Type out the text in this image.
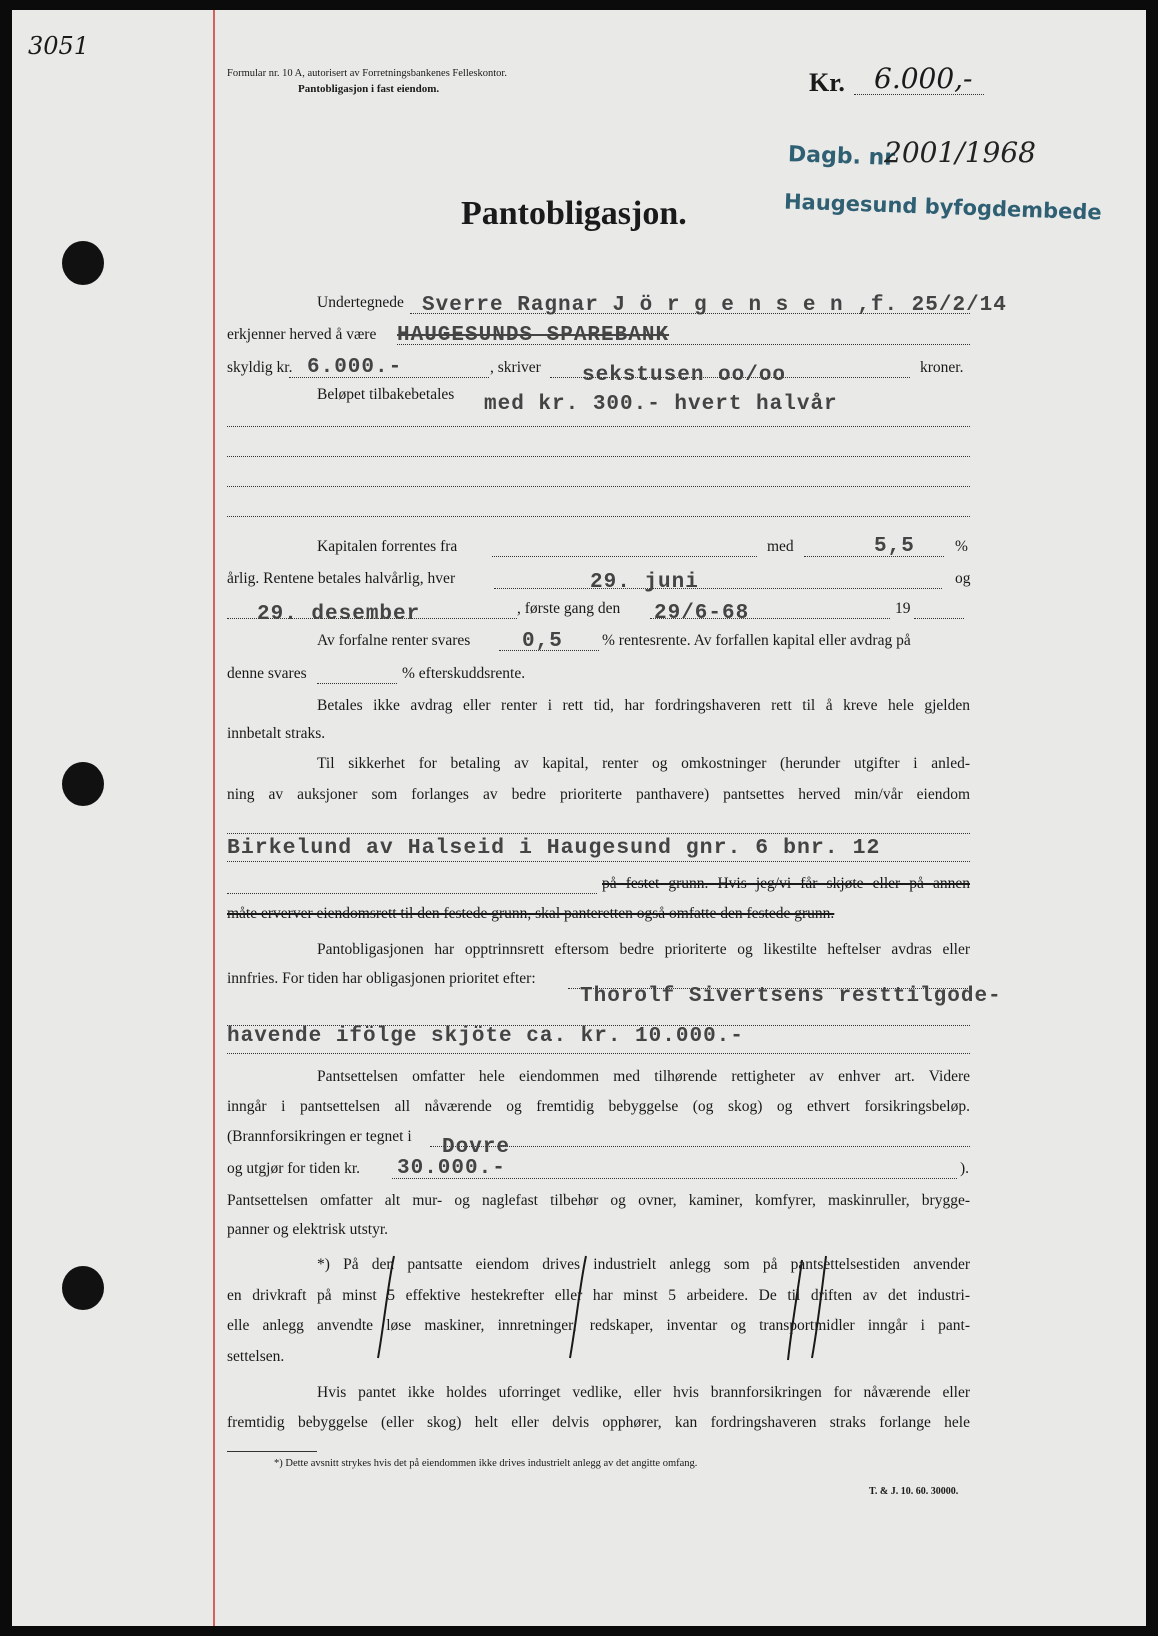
3051
Formular nr. 10 A, autorisert av Forretningsbankenes Felleskontor.
Pantobligasjon i fast eiendom.	Kr. 6.000,-
Dagb. nr
2001/1968
Haugesund byfogdembede
Pantobligasjon.
Undertegnede Sverre Ragnar J ö r g e n s e n ,f. 25/2/14
erkjenner herved å være HAUGESUNDS SPAREBANK
skyldig kr. 6.000.-	, skriver sekstusen oo/oo	kroner.
Beløpet tilbakebetales med kr. 300.- hvert halvår
Kapitalen forrentes fra	med	5,5	%
årlig. Rentene betales halvårlig, hver	29. juni	og
29. desember	, første gang den 29/6-68	19
Av forfalne renter svares 0,5	% rentesrente. Av forfallen kapital eller avdrag på
denne svares	% efterskuddsrente.
Betales ikke avdrag eller renter i rett tid, har fordringshaveren rett til å kreve hele gjelden
innbetalt straks.
Til sikkerhet for betaling av kapital, renter og omkostninger (herunder utgifter i anled-
ning av auksjoner som forlanges av bedre prioriterte panthavere) pantsettes herved min/vår eiendom
Birkelund av Halseid i Haugesund gnr. 6 bnr. 12
på festet grunn. Hvis jeg/vi får skjøte eller på annen
måte erverver eiendomsrett til den festede grunn, skal panteretten også omfatte den festede grunn.
Pantobligasjonen har opptrinnsrett eftersom bedre prioriterte og likestilte heftelser avdras eller
innfries. For tiden har obligasjonen prioritet efter:
Thorolf Sivertsens resttilgode-
havende ifölge skjöte ca. kr. 10.000.-
Pantsettelsen omfatter hele eiendommen med tilhørende rettigheter av enhver art. Videre
inngår i pantsettelsen all nåværende og fremtidig bebyggelse (og skog) og ethvert forsikringsbeløp.
(Brannforsikringen er tegnet i Dovre
og utgjør for tiden kr. 30.000.-	).
Pantsettelsen omfatter alt mur- og naglefast tilbehør og ovner, kaminer, komfyrer, maskinruller, brygge-
panner og elektrisk utstyr.
*) På den pantsatte eiendom drives industrielt anlegg som på pantsettelsestiden anvender
en drivkraft på minst 5 effektive hestekrefter eller har minst 5 arbeidere. De til driften av det industri-
elle anlegg anvendte løse maskiner, innretninger, redskaper, inventar og transportmidler inngår i pant-
settelsen.
Hvis pantet ikke holdes uforringet vedlike, eller hvis brannforsikringen for nåværende eller
fremtidig bebyggelse (eller skog) helt eller delvis opphører, kan fordringshaveren straks forlange hele
*) Dette avsnitt strykes hvis det på eiendommen ikke drives industrielt anlegg av det angitte omfang.
T. & J. 10. 60. 30000.
